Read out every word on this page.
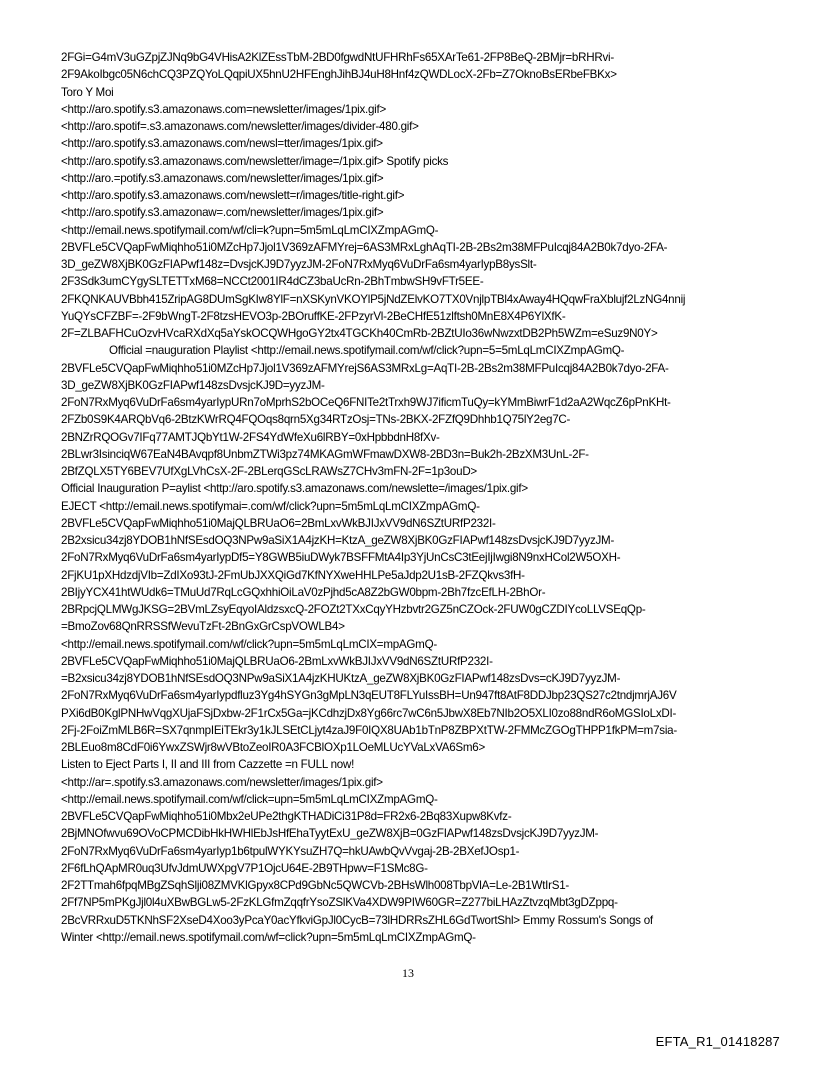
2FGi=G4mV3uGZpjZJNq9bG4VHisA2KlZEssTbM-2BD0fgwdNtUFHRhFs65XArTe61-2FP8BeQ-2BMjr=bRHRvi-
2F9AkoIbgc05N6chCQ3PZQYoLQqpiUX5hnU2HFEnghJihBJ4uH8Hnf4zQWDLocX-2Fb=Z7OknoBsERbeFBKx>
Toro Y Moi
<http://aro.spotify.s3.amazonaws.com=newsletter/images/1pix.gif>
<http://aro.spotif=.s3.amazonaws.com/newsletter/images/divider-480.gif>
<http://aro.spotify.s3.amazonaws.com/newsl=tter/images/1pix.gif>
<http://aro.spotify.s3.amazonaws.com/newsletter/image=/1pix.gif> Spotify picks
<http://aro.=potify.s3.amazonaws.com/newsletter/images/1pix.gif>
<http://aro.spotify.s3.amazonaws.com/newslett=r/images/title-right.gif>
<http://aro.spotify.s3.amazonaw=.com/newsletter/images/1pix.gif>
<http://email.news.spotifymail.com/wf/cli=k?upn=5m5mLqLmCIXZmpAGmQ-
2BVFLe5CVQapFwMiqhho51i0MZcHp7Jjol1V369zAFMYrej=6AS3MRxLghAqTI-2B-2Bs2m38MFPuIcqj84A2B0k7dyo-2FA-
3D_geZW8XjBK0GzFIAPwf148z=DvsjcKJ9D7yyzJM-2FoN7RxMyq6VuDrFa6sm4yarIypB8ysSlt-
2F3Sdk3umCYgySLTETTxM68=NCCt2001IR4dCZ3baUcRn-2BhTmbwSH9vFTr5EE-
2FKQNKAUVBbh415ZripAG8DUmSgKIw8YlF=nXSKynVKOYlP5jNdZElvKO7TX0VnjlpTBl4xAway4HQqwFraXblujf2LzNG4nnij
YuQYsCFZBF=-2F9bWngT-2F8tzsHEVO3p-2BOruffKE-2FPzyrVl-2BeCHfE51zlftsh0MnE8X4P6YlXfK-
2F=ZLBAFHCuOzvHVcaRXdXq5aYskOCQWHgoGY2tx4TGCKh40CmRb-2BZtUIo36wNwzxtDB2Ph5WZm=eSuz9N0Y>
Official =nauguration Playlist <http://email.news.spotifymail.com/wf/click?upn=5=5mLqLmCIXZmpAGmQ-
2BVFLe5CVQapFwMiqhho51i0MZcHp7Jjol1V369zAFMYrejS6AS3MRxLg=AqTI-2B-2Bs2m38MFPuIcqj84A2B0k7dyo-2FA-
3D_geZW8XjBK0GzFIAPwf148zsDvsjcKJ9D=yyzJM-
2FoN7RxMyq6VuDrFa6sm4yarIypURn7oMprhS2bOCeQ6FNITe2tTrxh9WJ7ificmTuQy=kYMmBiwrF1d2aA2WqcZ6pPnKHt-
2FZb0S9K4ARQbVq6-2BtzKWrRQ4FQOqs8qrn5Xg34RTzOsj=TNs-2BKX-2FZfQ9Dhhb1Q75lY2eg7C-
2BNZrRQOGv7IFq77AMTJQbYt1W-2FS4YdWfeXu6lRBY=0xHpbbdnH8fXv-
2BLwr3IsinciqW67EaN4BAvqpf8UnbmZTWi3pz74MKAGmWFmawDXW8-2BD3n=Buk2h-2BzXM3UnL-2F-
2BfZQLX5TY6BEV7UfXgLVhCsX-2F-2BLerqGScLRAWsZ7CHv3mFN-2F=1p3ouD>
Official Inauguration P=aylist <http://aro.spotify.s3.amazonaws.com/newslette=/images/1pix.gif>
EJECT <http://email.news.spotifymai=.com/wf/click?upn=5m5mLqLmCIXZmpAGmQ-
2BVFLe5CVQapFwMiqhho51i0MajQLBRUaO6=2BmLxvWkBJIJxVV9dN6SZtURfP232I-
2B2xsicu34zj8YDOB1hNfSEsdOQ3NPw9aSiX1A4jzKH=KtzA_geZW8XjBK0GzFIAPwf148zsDvsjcKJ9D7yyzJM-
2FoN7RxMyq6VuDrFa6sm4yarIypDf5=Y8GWB5iuDWyk7BSFFMtA4Ip3YjUnCsC3tEejIjIwgi8N9nxHCol2W5OXH-
2FjKU1pXHdzdjVIb=ZdIXo93tJ-2FmUbJXXQiGd7KfNYXweHHLPe5aJdp2U1sB-2FZQkvs3fH-
2BIjyYCX41htWUdk6=TMuUd7RqLcGQxhhiOiLaV0zPjhd5cA8Z2bGW0bpm-2Bh7fzcEfLH-2BhOr-
2BRpcjQLMWgJKSG=2BVmLZsyEqyoIAldzsxcQ-2FOZt2TXxCqyYHzbvtr2GZ5nCZOck-2FUW0gCZDIYcoLLVSEqQp-
=BmoZov68QnRRSSfWevuTzFt-2BnGxGrCspVOWLB4>
<http://email.news.spotifymail.com/wf/click?upn=5m5mLqLmCIX=mpAGmQ-
2BVFLe5CVQapFwMiqhho51i0MajQLBRUaO6-2BmLxvWkBJIJxVV9dN6SZtURfP232I-
=B2xsicu34zj8YDOB1hNfSEsdOQ3NPw9aSiX1A4jzKHUKtzA_geZW8XjBK0GzFIAPwf148zsDvs=cKJ9D7yyzJM-
2FoN7RxMyq6VuDrFa6sm4yarIypdfluz3Yg4hSYGn3gMpLN3qEUT8FLYuIssBH=Un947ft8AtF8DDJbp23QS27c2tndjmrjAJ6V
PXi6dB0KglPNHwVqgXUjaFSjDxbw-2F1rCx5Ga=jKCdhzjDx8Yg66rc7wC6n5JbwX8Eb7NIb2O5XLI0zo88ndR6oMGSIoLxDI-
2Fj-2FoiZmMLB6R=SX7qnmpIEiTEkr3y1kJLSEtCLjyt4zaJ9F0IQX8UAb1bTnP8ZBPXtTW-2FMMcZGOgTHPP1fkPM=m7sia-
2BLEuo8m8CdF0i6YwxZSWjr8wVBtoZeoIR0A3FCBlOXp1LOeMLUcYVaLxVA6Sm6>
Listen to Eject Parts I, II and III from Cazzette =n FULL now!
<http://ar=.spotify.s3.amazonaws.com/newsletter/images/1pix.gif>
<http://email.news.spotifymail.com/wf/click=upn=5m5mLqLmCIXZmpAGmQ-
2BVFLe5CVQapFwMiqhho51i0Mbx2eUPe2thgKTHADiCi31P8d=FR2x6-2Bq83Xupw8Kvfz-
2BjMNOfwvu69OVoCPMCDibHkHWHlEbJsHfEhaTyytExU_geZW8XjB=0GzFIAPwf148zsDvsjcKJ9D7yyzJM-
2FoN7RxMyq6VuDrFa6sm4yarIyp1b6tpulWYKYsuZH7Q=hkUAwbQvVvgaj-2B-2BXefJOsp1-
2F6fLhQApMR0uq3UfvJdmUWXpgV7P1OjcU64E-2B9THpwv=F1SMc8G-
2F2TTmah6fpqMBgZSqhSlji08ZMVKlGpyx8CPd9GbNc5QWCVb-2BHsWlh008TbpVlA=Le-2B1WtIrS1-
2Ff7NP5mPKgJjl0l4uXBwBGLw5-2FzKLGfmZqqfrYsoZSlKVa4XDW9PIW60GR=Z277biLHAzZtvzqMbt3gDZppq-
2BcVRRxuD5TKNhSF2XseD4Xoo3yPcaY0acYfkviGpJl0CycB=73lHDRRsZHL6GdTwortShl> Emmy Rossum's Songs of
Winter <http://email.news.spotifymail.com/wf=click?upn=5m5mLqLmCIXZmpAGmQ-
13
EFTA_R1_01418287
